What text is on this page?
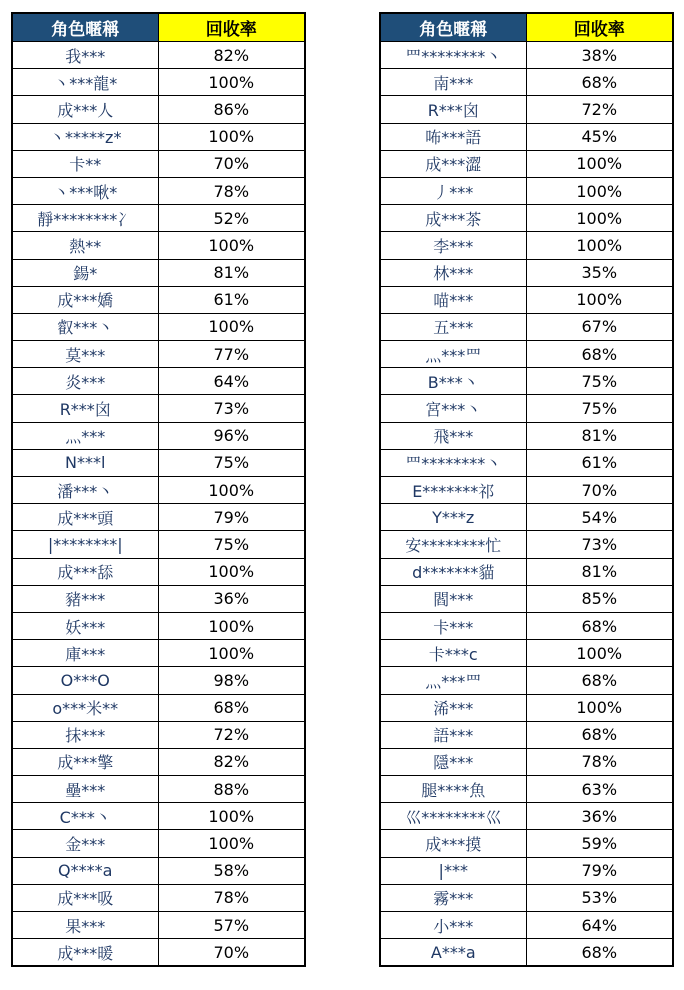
角色暱稱	回收率
我***	82%
丶***龍*	100%
成***人	86%
丶*****z*	100%
卡**	70%
丶***啾*	78%
靜********冫	52%
熱**	100%
鍚*	81%
成***嬌	61%
叡***丶	100%
莫***	77%
炎***	64%
R***囟	73%
灬***	96%
N***l	75%
潘***丶	100%
成***頭	79%
|********|	75%
成***舔	100%
豬***	36%
妖***	100%
庫***	100%
O***O	98%
o***米**	68%
抹***	72%
成***擎	82%
壘***	88%
C***丶	100%
金***	100%
Q****a	58%
成***吸	78%
果***	57%
成***暖	70%
角色暱稱	回收率
罒********丶	38%
南***	68%
R***囟	72%
咘***語	45%
成***澀	100%
丿***	100%
成***茶	100%
李***	100%
林***	35%
喵***	100%
五***	67%
灬***罒	68%
B***丶	75%
宮***丶	75%
飛***	81%
罒********丶	61%
E*******祁	70%
Y***z	54%
安********忙	73%
d*******貓	81%
閻***	85%
卡***	68%
卡***c	100%
灬***罒	68%
浠***	100%
語***	68%
隱***	78%
腿****魚	63%
巛********巛	36%
成***摸	59%
|***	79%
霧***	53%
小***	64%
A***a	68%
